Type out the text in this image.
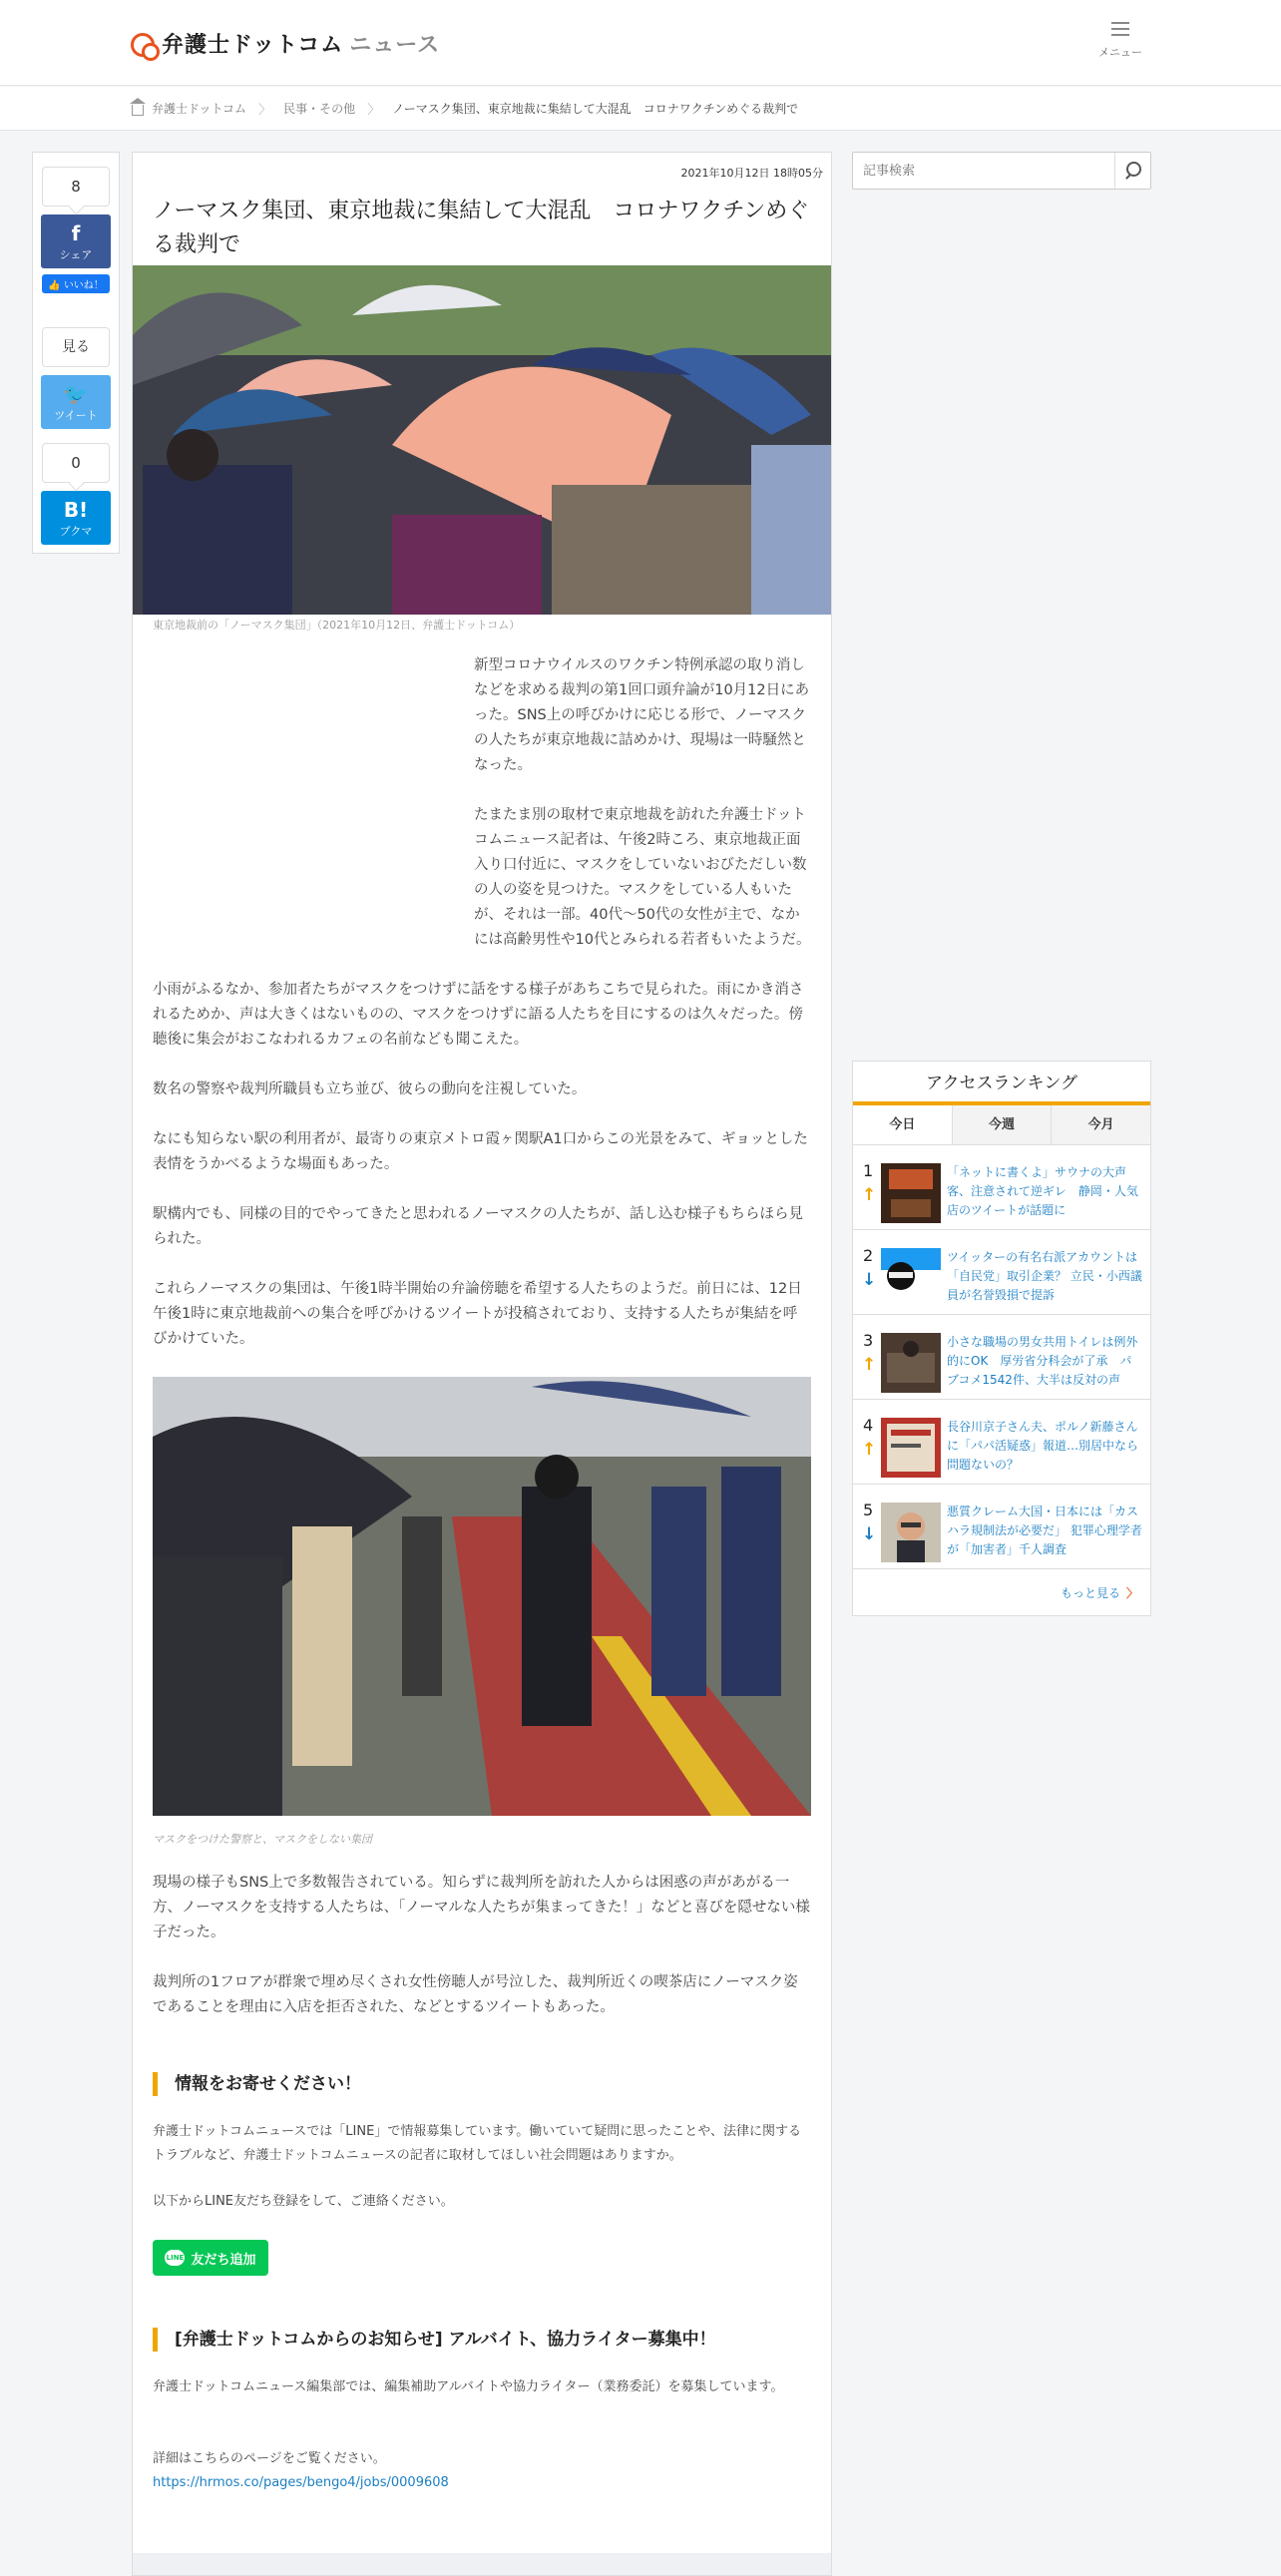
弁護士ドットコム ニュース	メニュー
弁護士ドットコム 〉 民事・その他 〉 ノーマスク集団、東京地裁に集結して大混乱　コロナワクチンめぐる裁判で
8
f
シェア
👍 いいね！
見る
🐦
ツイート
0
B!
ブクマ
2021年10月12日 18時05分
ノーマスク集団、東京地裁に集結して大混乱　コロナワクチンめぐる裁判で
東京地裁前の「ノーマスク集団」（2021年10月12日、弁護士ドットコム）

新型コロナウイルスのワクチン特例承認の取り消しなどを求める裁判の第1回口頭弁論が10月12日にあった。SNS上の呼びかけに応じる形で、ノーマスクの人たちが東京地裁に詰めかけ、現場は一時騒然となった。

たまたま別の取材で東京地裁を訪れた弁護士ドットコムニュース記者は、午後2時ころ、東京地裁正面入り口付近に、マスクをしていないおびただしい数の人の姿を見つけた。マスクをしている人もいたが、それは一部。40代〜50代の女性が主で、なかには高齢男性や10代とみられる若者もいたようだ。

小雨がふるなか、参加者たちがマスクをつけずに話をする様子があちこちで見られた。雨にかき消されるためか、声は大きくはないものの、マスクをつけずに語る人たちを目にするのは久々だった。傍聴後に集会がおこなわれるカフェの名前なども聞こえた。

数名の警察や裁判所職員も立ち並び、彼らの動向を注視していた。

なにも知らない駅の利用者が、最寄りの東京メトロ霞ヶ関駅A1口からこの光景をみて、ギョッとした表情をうかべるような場面もあった。

駅構内でも、同様の目的でやってきたと思われるノーマスクの人たちが、話し込む様子もちらほら見られた。

これらノーマスクの集団は、午後1時半開始の弁論傍聴を希望する人たちのようだ。前日には、12日午後1時に東京地裁前への集合を呼びかけるツイートが投稿されており、支持する人たちが集結を呼びかけていた。

マスクをつけた警察と、マスクをしない集団

現場の様子もSNS上で多数報告されている。知らずに裁判所を訪れた人からは困惑の声があがる一方、ノーマスクを支持する人たちは、「ノーマルな人たちが集まってきた！」などと喜びを隠せない様子だった。

裁判所の1フロアが群衆で埋め尽くされ女性傍聴人が号泣した、裁判所近くの喫茶店にノーマスク姿であることを理由に入店を拒否された、などとするツイートもあった。

情報をお寄せください！
弁護士ドットコムニュースでは「LINE」で情報募集しています。働いていて疑問に思ったことや、法律に関するトラブルなど、弁護士ドットコムニュースの記者に取材してほしい社会問題はありますか。
以下からLINE友だち登録をして、ご連絡ください。
LINE 友だち追加
[弁護士ドットコムからのお知らせ] アルバイト、協力ライター募集中！
弁護士ドットコムニュース編集部では、編集補助アルバイトや協力ライター（業務委託）を募集しています。
詳細はこちらのページをご覧ください。
https://hrmos.co/pages/bengo4/jobs/0009608
記事検索
アクセスランキング
今日	今週	今月
1
↑
「ネットに書くよ」サウナの大声客、注意されて逆ギレ　静岡・人気店のツイートが話題に
2
↓
ツイッターの有名右派アカウントは「自民党」取引企業？ 立民・小西議員が名誉毀損で提訴
3
↑
小さな職場の男女共用トイレは例外的にOK　厚労省分科会が了承　パブコメ1542件、大半は反対の声
4
↑
長谷川京子さん夫、ポルノ新藤さんに「パパ活疑惑」報道…別居中なら問題ないの？
5
↓
悪質クレーム大国・日本には「カスハラ規制法が必要だ」 犯罪心理学者が「加害者」千人調査
もっと見る 〉
